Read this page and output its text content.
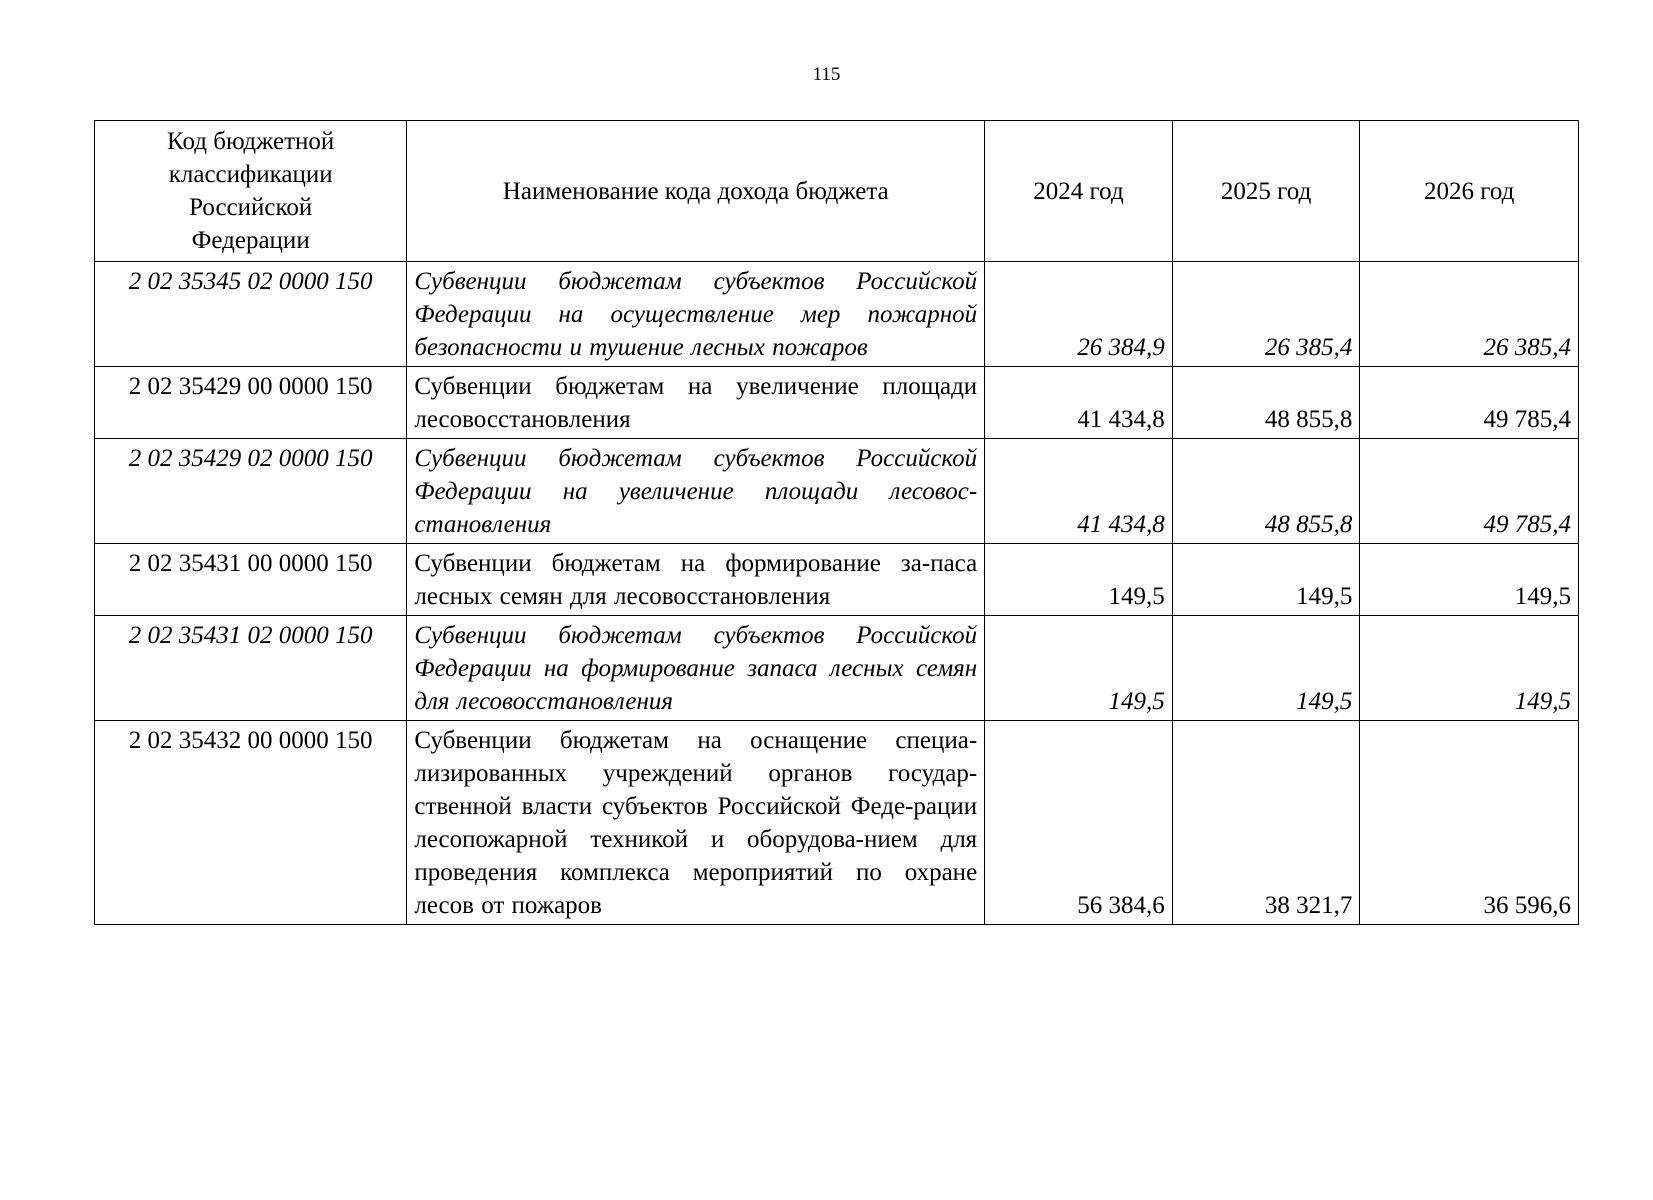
115
Код бюджетной классификации Российской Федерации	Наименование кода дохода бюджета	2024 год	2025 год	2026 год
2 02 35345 02 0000 150	Субвенции бюджетам субъектов Российской Федерации на осуществление мер пожарной безопасности и тушение лесных пожаров	26 384,9	26 385,4	26 385,4
2 02 35429 00 0000 150	Субвенции бюджетам на увеличение площади лесовосстановления	41 434,8	48 855,8	49 785,4
2 02 35429 02 0000 150	Субвенции бюджетам субъектов Российской Федерации на увеличение площади лесовос-становления	41 434,8	48 855,8	49 785,4
2 02 35431 00 0000 150	Субвенции бюджетам на формирование за-паса лесных семян для лесовосстановления	149,5	149,5	149,5
2 02 35431 02 0000 150	Субвенции бюджетам субъектов Российской Федерации на формирование запаса лесных семян для лесовосстановления	149,5	149,5	149,5
2 02 35432 00 0000 150	Субвенции бюджетам на оснащение специа-лизированных учреждений органов государ-ственной власти субъектов Российской Феде-рации лесопожарной техникой и оборудова-нием для проведения комплекса мероприятий по охране лесов от пожаров	56 384,6	38 321,7	36 596,6
